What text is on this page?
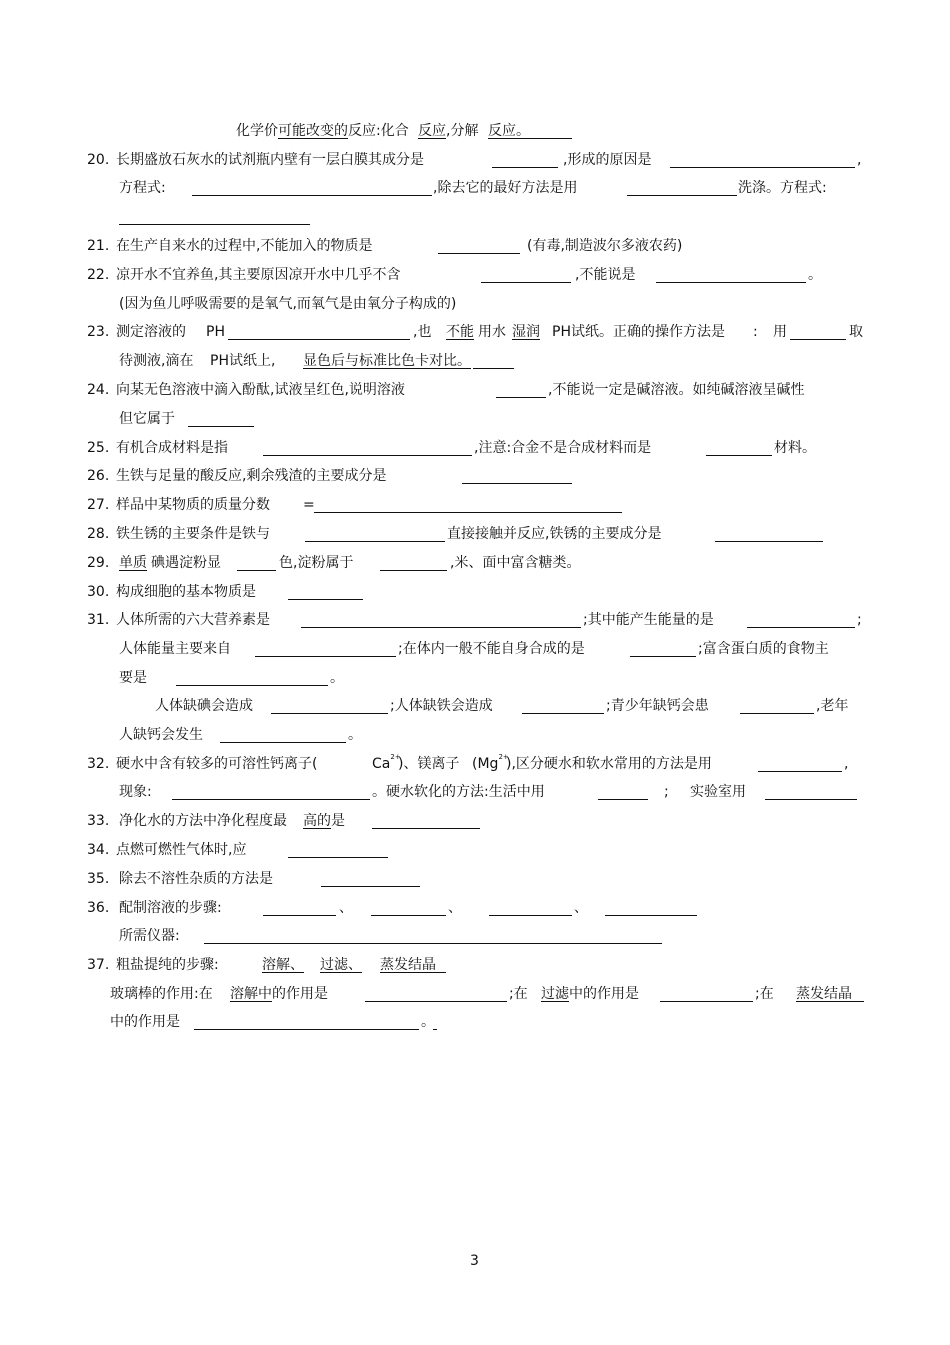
化学价 可能改变的 反应:化合 反应 ,分解 反应。
20. 长期盛放石灰水的试剂瓶内壁有一层白膜其成分是	,形成的原因是	,
方程式:	,除去它的最好方法是用	洗涤。方程式:
21. 在生产自来水的过程中,不能加入的物质是	(有毒,制造波尔多液农药)
22. 凉开水不宜养鱼,其主要原因凉开水中几乎不含	,不能说是	。
(因为鱼儿呼吸需要的是氧气,而氧气是由氧分子构成的)
23. 测定溶液的 PH	,也 不能 用水 湿润 PH试纸。正确的操作方法是 : 用	取
待测液,滴在 PH试纸上, 显色后与标准比色卡对比。
24. 向某无色溶液中滴入酚酞,试液呈红色,说明溶液	,不能说一定是碱溶液。如纯碱溶液呈碱性
但它属于
25. 有机合成材料是指	,注意:合金不是合成材料而是	材料。
26. 生铁与足量的酸反应,剩余残渣的主要成分是
27. 样品中某物质的质量分数 =
28. 铁生锈的主要条件是铁与	直接接触并反应,铁锈的主要成分是
29. 单质 碘遇淀粉显	色,淀粉属于	,米、面中富含糖类。
30. 构成细胞的基本物质是
31. 人体所需的六大营养素是	;其中能产生能量的是	;
人体能量主要来自	;在体内一般不能自身合成的是	;富含蛋白质的食物主
要是	。
人体缺碘会造成	;人体缺铁会造成	;青少年缺钙会患	,老年
人缺钙会发生	。
32. 硬水中含有较多的可溶性钙离子(	$Ca^{2+}$
)、镁离子 ($Mg^{2+}$
),区分硬水和软水常用的方法是用	,
现象:	。硬水软化的方法:生活中用	; 实验室用
33. 净化水的方法中净化程度最 高的 是
34. 点燃可燃性气体时,应
35. 除去不溶性杂质的方法是
36. 配制溶液的步骤:	、	、	、
所需仪器:
37. 粗盐提纯的步骤:	溶解、 过滤、 蒸发结晶
玻璃棒的作用:在 溶解中 的作用是	;在 过滤 中的作用是	;在 蒸发结晶
中的作用是	。
3
